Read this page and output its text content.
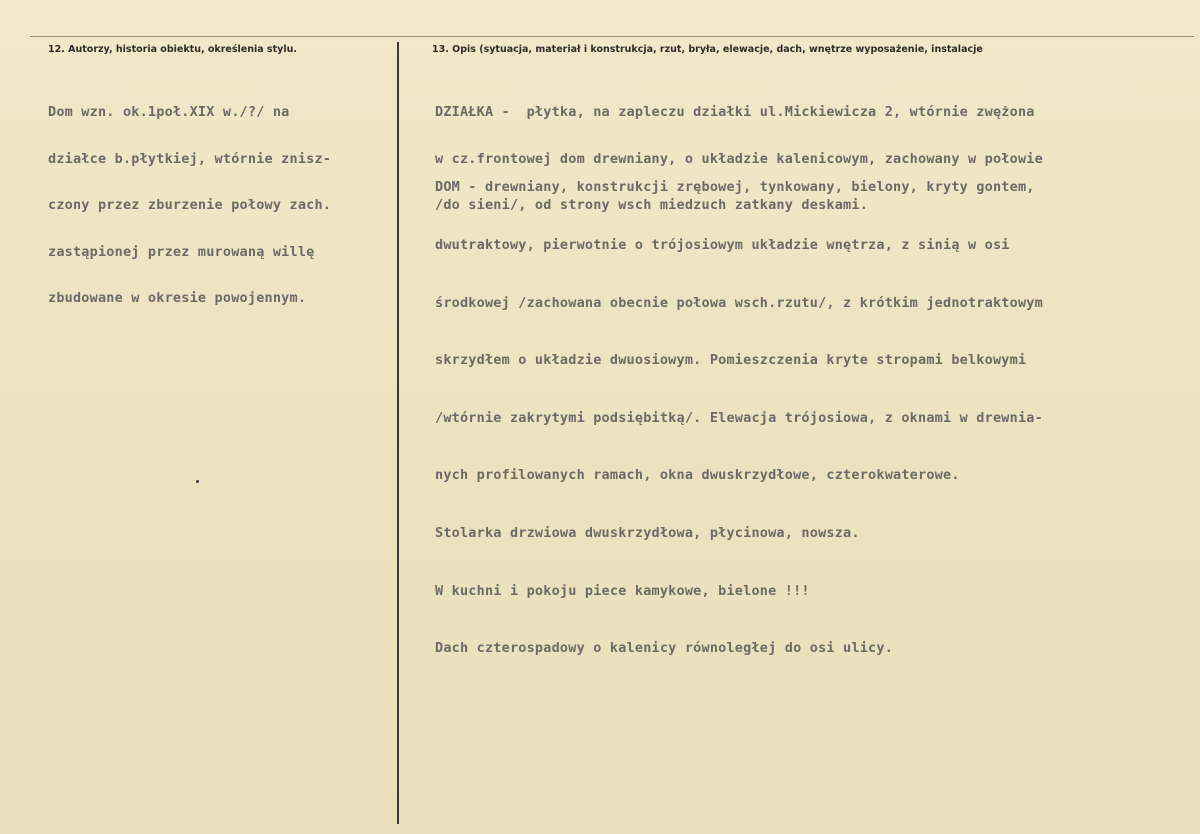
12. Autorzy, historia obiektu, określenia stylu.	13. Opis (sytuacja, materiał i konstrukcja, rzut, bryła, elewacje, dach, wnętrze wyposażenie, instalacje

Dom wzn. ok.1poł.XIX w./?/ na

działce b.płytkiej, wtórnie znisz-

czony przez zburzenie połowy zach.

zastąpionej przez murowaną willę

zbudowane w okresie powojennym.

DZIAŁKA -  płytka, na zapleczu działki ul.Mickiewicza 2, wtórnie zwężona

w cz.frontowej dom drewniany, o układzie kalenicowym, zachowany w połowie

/do sieni/, od strony wsch miedzuch zatkany deskami.

DOM - drewniany, konstrukcji zrębowej, tynkowany, bielony, kryty gontem,

dwutraktowy, pierwotnie o trójosiowym układzie wnętrza, z sinią w osi

środkowej /zachowana obecnie połowa wsch.rzutu/, z krótkim jednotraktowym

skrzydłem o układzie dwuosiowym. Pomieszczenia kryte stropami belkowymi

/wtórnie zakrytymi podsiębitką/. Elewacja trójosiowa, z oknami w drewnia-

nych profilowanych ramach, okna dwuskrzydłowe, czterokwaterowe.

Stolarka drzwiowa dwuskrzydłowa, płycinowa, nowsza.

W kuchni i pokoju piece kamykowe, bielone !!!

Dach czterospadowy o kalenicy równoległej do osi ulicy.
